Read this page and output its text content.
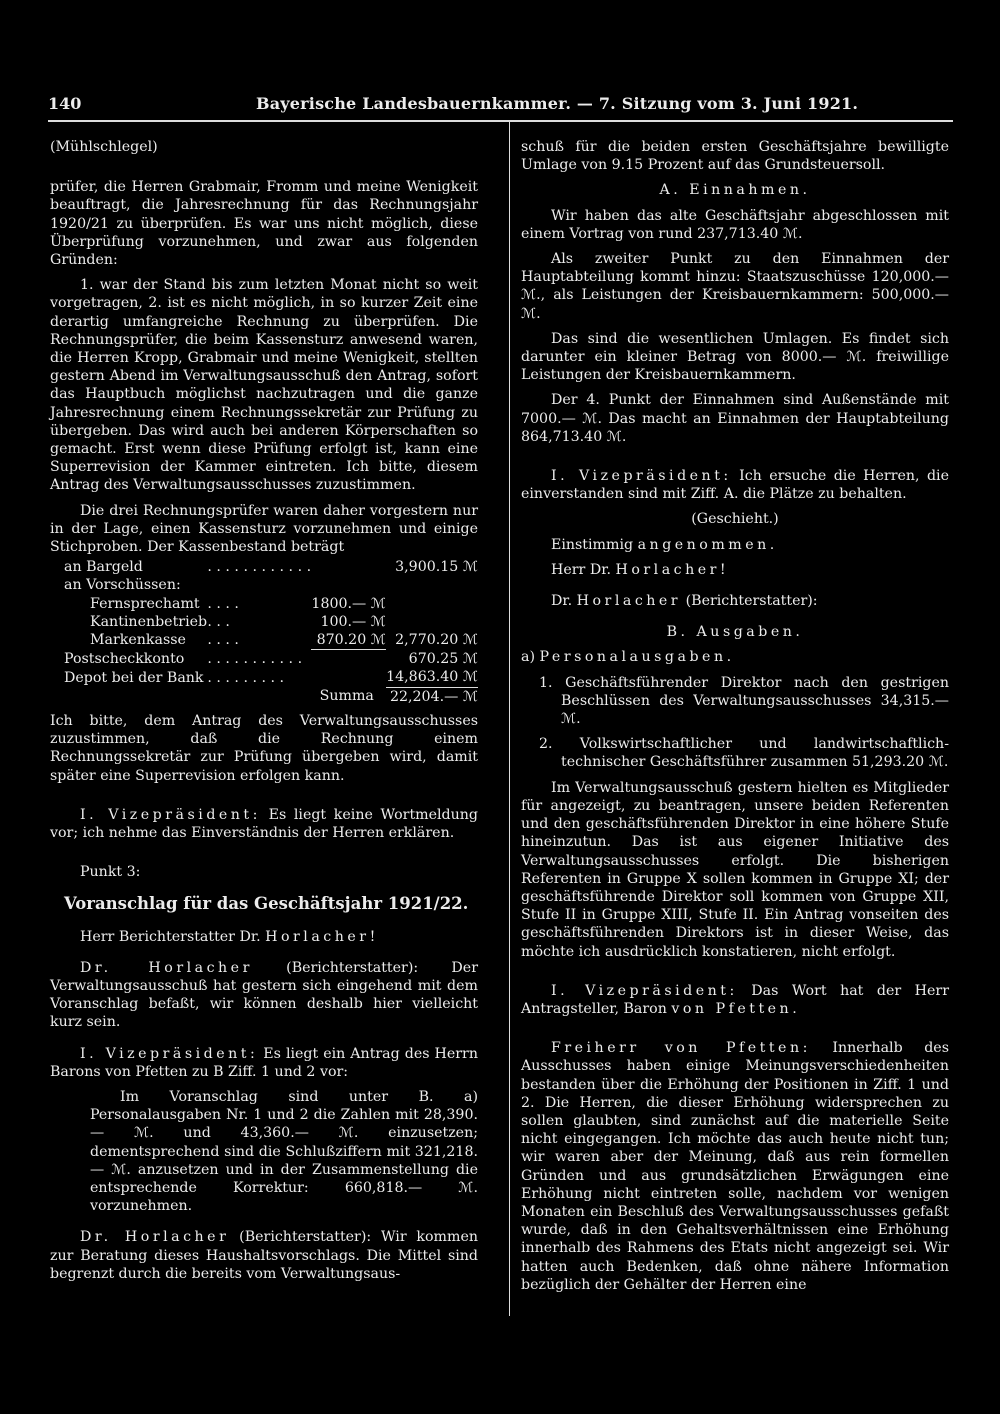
140	Bayerische Landesbauernkammer. — 7. Sitzung vom 3. Juni 1921.

(Mühlschlegel)

prüfer, die Herren Grabmair, Fromm und meine Wenigkeit beauftragt, die Jahresrechnung für das Rechnungsjahr 1920/21 zu überprüfen. Es war uns nicht möglich, diese Überprüfung vorzunehmen, und zwar aus folgenden Gründen:

1. war der Stand bis zum letzten Monat nicht so weit vorgetragen, 2. ist es nicht möglich, in so kurzer Zeit eine derartig umfangreiche Rechnung zu überprüfen. Die Rechnungsprüfer, die beim Kassensturz anwesend waren, die Herren Kropp, Grabmair und meine Wenigkeit, stellten gestern Abend im Verwaltungsausschuß den Antrag, sofort das Hauptbuch möglichst nachzutragen und die ganze Jahresrechnung einem Rechnungssekretär zur Prüfung zu übergeben. Das wird auch bei anderen Körperschaften so gemacht. Erst wenn diese Prüfung erfolgt ist, kann eine Superrevision der Kammer eintreten. Ich bitte, diesem Antrag des Verwaltungsausschusses zuzustimmen.

Die drei Rechnungsprüfer waren daher vorgestern nur in der Lage, einen Kassensturz vorzunehmen und einige Stichproben. Der Kassenbestand beträgt

an Bargeld	. . . . . . . . . . . .		3,900.15 ℳ
an Vorschüssen:			
Fernsprechamt	. . . .	1800.— ℳ	
Kantinenbetrieb	. . .	100.— ℳ	
Markenkasse	. . . .	870.20 ℳ	2,770.20 ℳ
Postscheckkonto	. . . . . . . . . . .		670.25 ℳ
Depot bei der Bank	. . . . . . . . .		14,863.40 ℳ
	Summa		22,204.— ℳ

Ich bitte, dem Antrag des Verwaltungsausschusses zuzustimmen, daß die Rechnung einem Rechnungssekretär zur Prüfung übergeben wird, damit später eine Superrevision erfolgen kann.

I. Vizepräsident: Es liegt keine Wortmeldung vor; ich nehme das Einverständnis der Herren erklären.

Punkt 3:

Voranschlag für das Geschäftsjahr 1921/22.

Herr Berichterstatter Dr. Horlacher!

Dr. Horlacher (Berichterstatter): Der Verwaltungsausschuß hat gestern sich eingehend mit dem Voranschlag befaßt, wir können deshalb hier vielleicht kurz sein.

I. Vizepräsident: Es liegt ein Antrag des Herrn Barons von Pfetten zu B Ziff. 1 und 2 vor:

Im Voranschlag sind unter B. a) Personalausgaben Nr. 1 und 2 die Zahlen mit 28,390.— ℳ. und 43,360.— ℳ. einzusetzen; dementsprechend sind die Schlußziffern mit 321,218.— ℳ. anzusetzen und in der Zusammenstellung die entsprechende Korrektur: 660,818.— ℳ. vorzunehmen.

Dr. Horlacher (Berichterstatter): Wir kommen zur Beratung dieses Haushaltsvorschlags. Die Mittel sind begrenzt durch die bereits vom Verwaltungsaus-

schuß für die beiden ersten Geschäftsjahre bewilligte Umlage von 9.15 Prozent auf das Grundsteuersoll.

A. Einnahmen.

Wir haben das alte Geschäftsjahr abgeschlossen mit einem Vortrag von rund 237,713.40 ℳ.

Als zweiter Punkt zu den Einnahmen der Hauptabteilung kommt hinzu: Staatszuschüsse 120,000.— ℳ., als Leistungen der Kreisbauernkammern: 500,000.— ℳ.

Das sind die wesentlichen Umlagen. Es findet sich darunter ein kleiner Betrag von 8000.— ℳ. freiwillige Leistungen der Kreisbauernkammern.

Der 4. Punkt der Einnahmen sind Außenstände mit 7000.— ℳ. Das macht an Einnahmen der Hauptabteilung 864,713.40 ℳ.

I. Vizepräsident: Ich ersuche die Herren, die einverstanden sind mit Ziff. A. die Plätze zu behalten.

(Geschieht.)

Einstimmig angenommen.

Herr Dr. Horlacher!

Dr. Horlacher (Berichterstatter):

B. Ausgaben.

a) Personalausgaben.

1. Geschäftsführender Direktor nach den gestrigen Beschlüssen des Verwaltungsausschusses 34,315.— ℳ.

2. Volkswirtschaftlicher und landwirtschaftlich-technischer Geschäftsführer zusammen 51,293.20 ℳ.

Im Verwaltungsausschuß gestern hielten es Mitglieder für angezeigt, zu beantragen, unsere beiden Referenten und den geschäftsführenden Direktor in eine höhere Stufe hineinzutun. Das ist aus eigener Initiative des Verwaltungsausschusses erfolgt. Die bisherigen Referenten in Gruppe X sollen kommen in Gruppe XI; der geschäftsführende Direktor soll kommen von Gruppe XII, Stufe II in Gruppe XIII, Stufe II. Ein Antrag vonseiten des geschäftsführenden Direktors ist in dieser Weise, das möchte ich ausdrücklich konstatieren, nicht erfolgt.

I. Vizepräsident: Das Wort hat der Herr Antragsteller, Baron von Pfetten.

Freiherr von Pfetten: Innerhalb des Ausschusses haben einige Meinungsverschiedenheiten bestanden über die Erhöhung der Positionen in Ziff. 1 und 2. Die Herren, die dieser Erhöhung widersprechen zu sollen glaubten, sind zunächst auf die materielle Seite nicht eingegangen. Ich möchte das auch heute nicht tun; wir waren aber der Meinung, daß aus rein formellen Gründen und aus grundsätzlichen Erwägungen eine Erhöhung nicht eintreten solle, nachdem vor wenigen Monaten ein Beschluß des Verwaltungsausschusses gefaßt wurde, daß in den Gehaltsverhältnissen eine Erhöhung innerhalb des Rahmens des Etats nicht angezeigt sei. Wir hatten auch Bedenken, daß ohne nähere Information bezüglich der Gehälter der Herren eine
